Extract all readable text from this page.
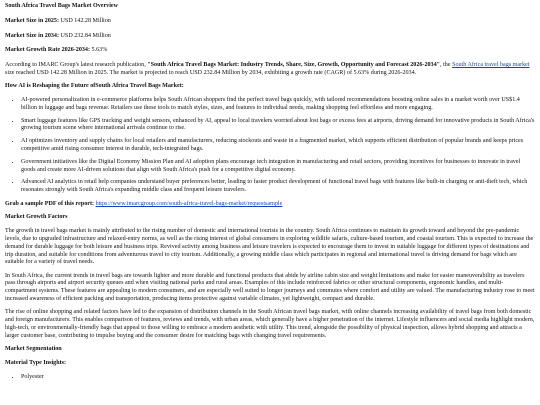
South Africa Travel Bags Market Overview

Market Size in 2025: USD 142.28 Million

Market Size in 2034: USD 232.84 Million

Market Growth Rate 2026-2034: 5.63%

According to IMARC Group's latest research publication, "South Africa Travel Bags Market: Industry Trends, Share, Size, Growth, Opportunity and Forecast 2026-2034", the South Africa travel bags market size reached USD 142.28 Million in 2025. The market is projected to reach USD 232.84 Million by 2034, exhibiting a growth rate (CAGR) of 5.63% during 2026-2034.

How AI is Reshaping the Future ofSouth Africa Travel Bags Market:

• AI-powered personalization in e-commerce platforms helps South African shoppers find the perfect travel bags quickly, with tailored recommendations boosting online sales in a market worth over US$1.4 billion in luggage and bags revenue. Retailers use these tools to match styles, sizes, and features to individual needs, making shopping feel effortless and more engaging.
• Smart luggage features like GPS tracking and weight sensors, enhanced by AI, appeal to local travelers worried about lost bags or excess fees at airports, driving demand for innovative products in South Africa's growing tourism scene where international arrivals continue to rise.
• AI optimizes inventory and supply chains for local retailers and manufacturers, reducing stockouts and waste in a fragmented market, which supports efficient distribution of popular brands and keeps prices competitive amid rising consumer interest in durable, tech-integrated bags.
• Government initiatives like the Digital Economy Mission Plan and AI adoption plans encourage tech integration in manufacturing and retail sectors, providing incentives for businesses to innovate in travel goods and create more AI-driven solutions that align with South Africa's push for a competitive digital economy.
• Advanced AI analytics in retail help companies understand buyer preferences better, leading to faster product development of functional travel bags with features like built-in charging or anti-theft tech, which resonates strongly with South Africa's expanding middle class and frequent leisure travelers.

Grab a sample PDF of this report: https://www.imarcgroup.com/south-africa-travel-bags-market/requestsample

Market Growth Factors

The growth in travel bags market is mainly attributed to the rising number of domestic and international tourists in the country. South Africa continues to maintain its growth toward and beyond the pre-pandemic levels, due to upgraded infrastructure and relaxed-entry norms, as well as the rising interest of global consumers in exploring wildlife safaris, culture-based tourism, and coastal tourism. This is expected to increase the demand for durable luggage for both leisure and business trips. Revived activity among business and leisure travelers is expected to encourage them to invest in suitable luggage for different types of destinations and trip duration, and suitable for conditions from adventurous travel to city tourism. Additionally, a growing middle class which participates in regional and international travel is driving demand for bags which are suitable for a variety of travel needs.

In South Africa, the current trends in travel bags are towards lighter and more durable and functional products that abide by airline cabin size and weight limitations and make for easier maneuverability as travelers pass through airports and airport security queues and when visiting national parks and rural areas. Examples of this include reinforced fabrics or other structural components, ergonomic handles, and multi-compartment systems. These features are appealing to modern consumers, and are especially well suited to longer journeys and commutes where comfort and utility are valued. The manufacturing industry rose to meet increased awareness of efficient packing and transportation, producing items protective against variable climates, yet lightweight, compact and durable.

The rise of online shopping and related factors have led to the expansion of distribution channels in the South African travel bags market, with online channels increasing availability of travel bags from both domestic and foreign manufacturers. This enables comparison of features, reviews and trends, with urban areas, which generally have a higher penetration of the internet. Lifestyle influencers and social media highlight modern, high-tech, or environmentally-friendly bags that appeal to those willing to embrace a modern aesthetic with utility. This trend, alongside the possibility of physical inspection, allows hybrid shopping and attracts a larger customer base, contributing to impulse buying and the consumer desire for matching bags with changing travel requirements.

Market Segmentation

Material Type Insights:

• Polyester
